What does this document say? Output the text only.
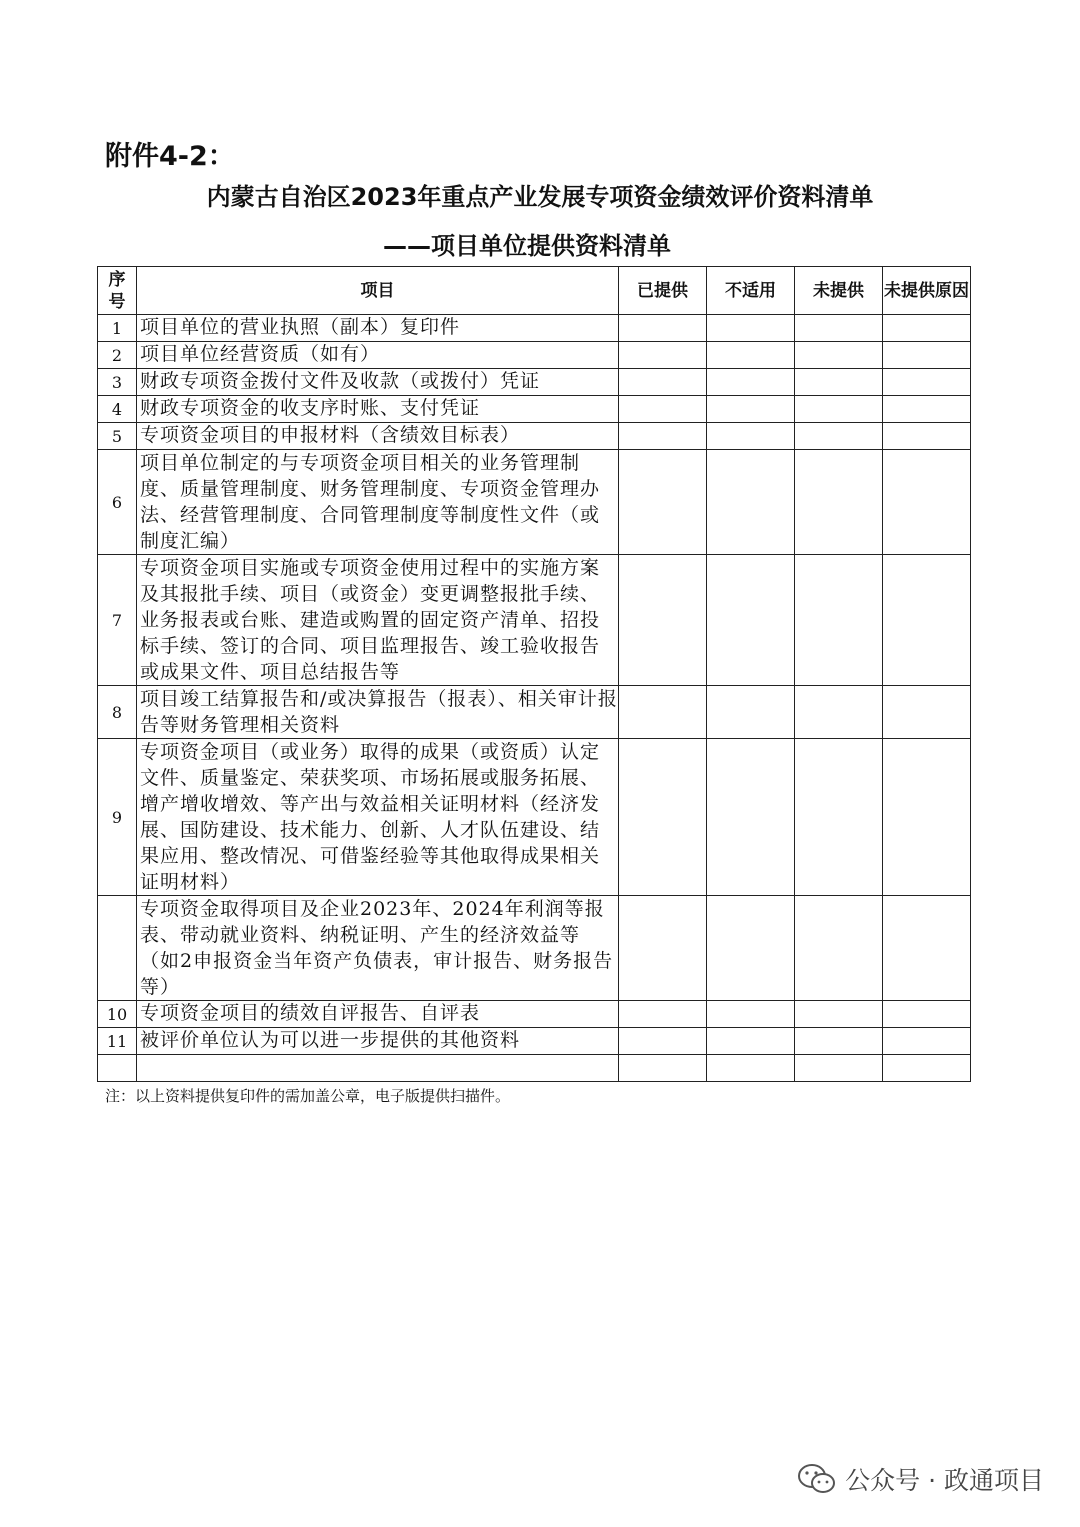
附件4-2：
内蒙古自治区2023年重点产业发展专项资金绩效评价资料清单
——项目单位提供资料清单
序号	项目	已提供	不适用	未提供	未提供原因
1	项目单位的营业执照（副本）复印件				
2	项目单位经营资质（如有）				
3	财政专项资金拨付文件及收款（或拨付）凭证				
4	财政专项资金的收支序时账、支付凭证				
5	专项资金项目的申报材料（含绩效目标表）				
6	项目单位制定的与专项资金项目相关的业务管理制度、质量管理制度、财务管理制度、专项资金管理办法、经营管理制度、合同管理制度等制度性文件（或制度汇编）				
7	专项资金项目实施或专项资金使用过程中的实施方案及其报批手续、项目（或资金）变更调整报批手续、业务报表或台账、建造或购置的固定资产清单、招投标手续、签订的合同、项目监理报告、竣工验收报告或成果文件、项目总结报告等				
8	项目竣工结算报告和/或决算报告（报表）、相关审计报告等财务管理相关资料				
9	专项资金项目（或业务）取得的成果（或资质）认定文件、质量鉴定、荣获奖项、市场拓展或服务拓展、增产增收增效、等产出与效益相关证明材料（经济发展、国防建设、技术能力、创新、人才队伍建设、结果应用、整改情况、可借鉴经验等其他取得成果相关证明材料）				
	专项资金取得项目及企业2023年、2024年利润等报表、带动就业资料、纳税证明、产生的经济效益等（如2申报资金当年资产负债表，审计报告、财务报告等）				
10	专项资金项目的绩效自评报告、自评表				
11	被评价单位认为可以进一步提供的其他资料				

注：以上资料提供复印件的需加盖公章，电子版提供扫描件。
公众号 · 政通项目
